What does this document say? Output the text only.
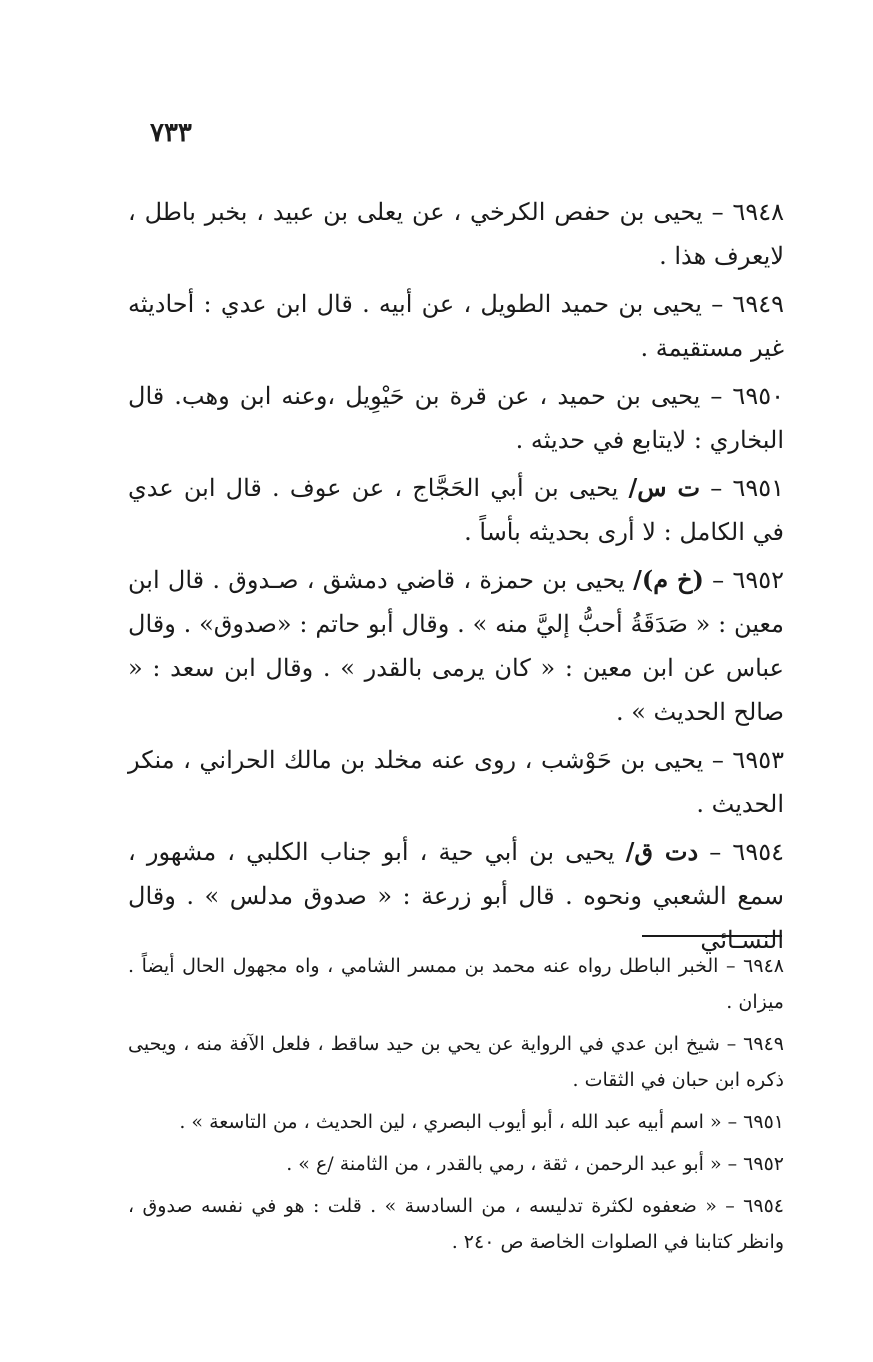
٧٣٣

٦٩٤٨ – يحيى بن حفص الكرخي ، عن يعلى بن عبيد ، بخبر باطل ، لايعرف هذا .

٦٩٤٩ – يحيى بن حميد الطويل ، عن أبيه . قال ابن عدي : أحاديثه غير مستقيمة .

٦٩٥٠ – يحيى بن حميد ، عن قرة بن حَيْوِيل ،وعنه ابن وهب. قال البخاري : لايتابع في حديثه .

٦٩٥١ – ت س/ يحيى بن أبي الحَجَّاج ، عن عوف . قال ابن عدي في الكامل : لا أرى بحديثه بأساً .

٦٩٥٢ – (خ م)/ يحيى بن حمزة ، قاضي دمشق ، صـدوق . قال ابن معين : « صَدَقَةُ أحبُّ إليَّ منه » . وقال أبو حاتم : «صدوق» . وقال عباس عن ابن معين : « كان يرمى بالقدر » . وقال ابن سعد : « صالح الحديث » .

٦٩٥٣ – يحيى بن حَوْشب ، روى عنه مخلد بن مالك الحراني ، منكر الحديث .

٦٩٥٤ – دت ق/ يحيى بن أبي حية ، أبو جناب الكلبي ، مشهور ، سمع الشعبي ونحوه . قال أبو زرعة : « صدوق مدلس » . وقال النسـائي

٦٩٤٨ – الخبر الباطل رواه عنه محمد بن ممسر الشامي ، واه مجهول الحال أيضاً . ميزان .

٦٩٤٩ – شيخ ابن عدي في الرواية عن يحي بن حيد ساقط ، فلعل الآفة منه ، ويحيى ذكره ابن حبان في الثقات .

٦٩٥١ – « اسم أبيه عبد الله ، أبو أيوب البصري ، لين الحديث ، من التاسعة » .

٦٩٥٢ – « أبو عبد الرحمن ، ثقة ، رمي بالقدر ، من الثامنة /ع » .

٦٩٥٤ – « ضعفوه لكثرة تدليسه ، من السادسة » . قلت : هو في نفسه صدوق ، وانظر كتابنا في الصلوات الخاصة ص ٢٤٠ .
